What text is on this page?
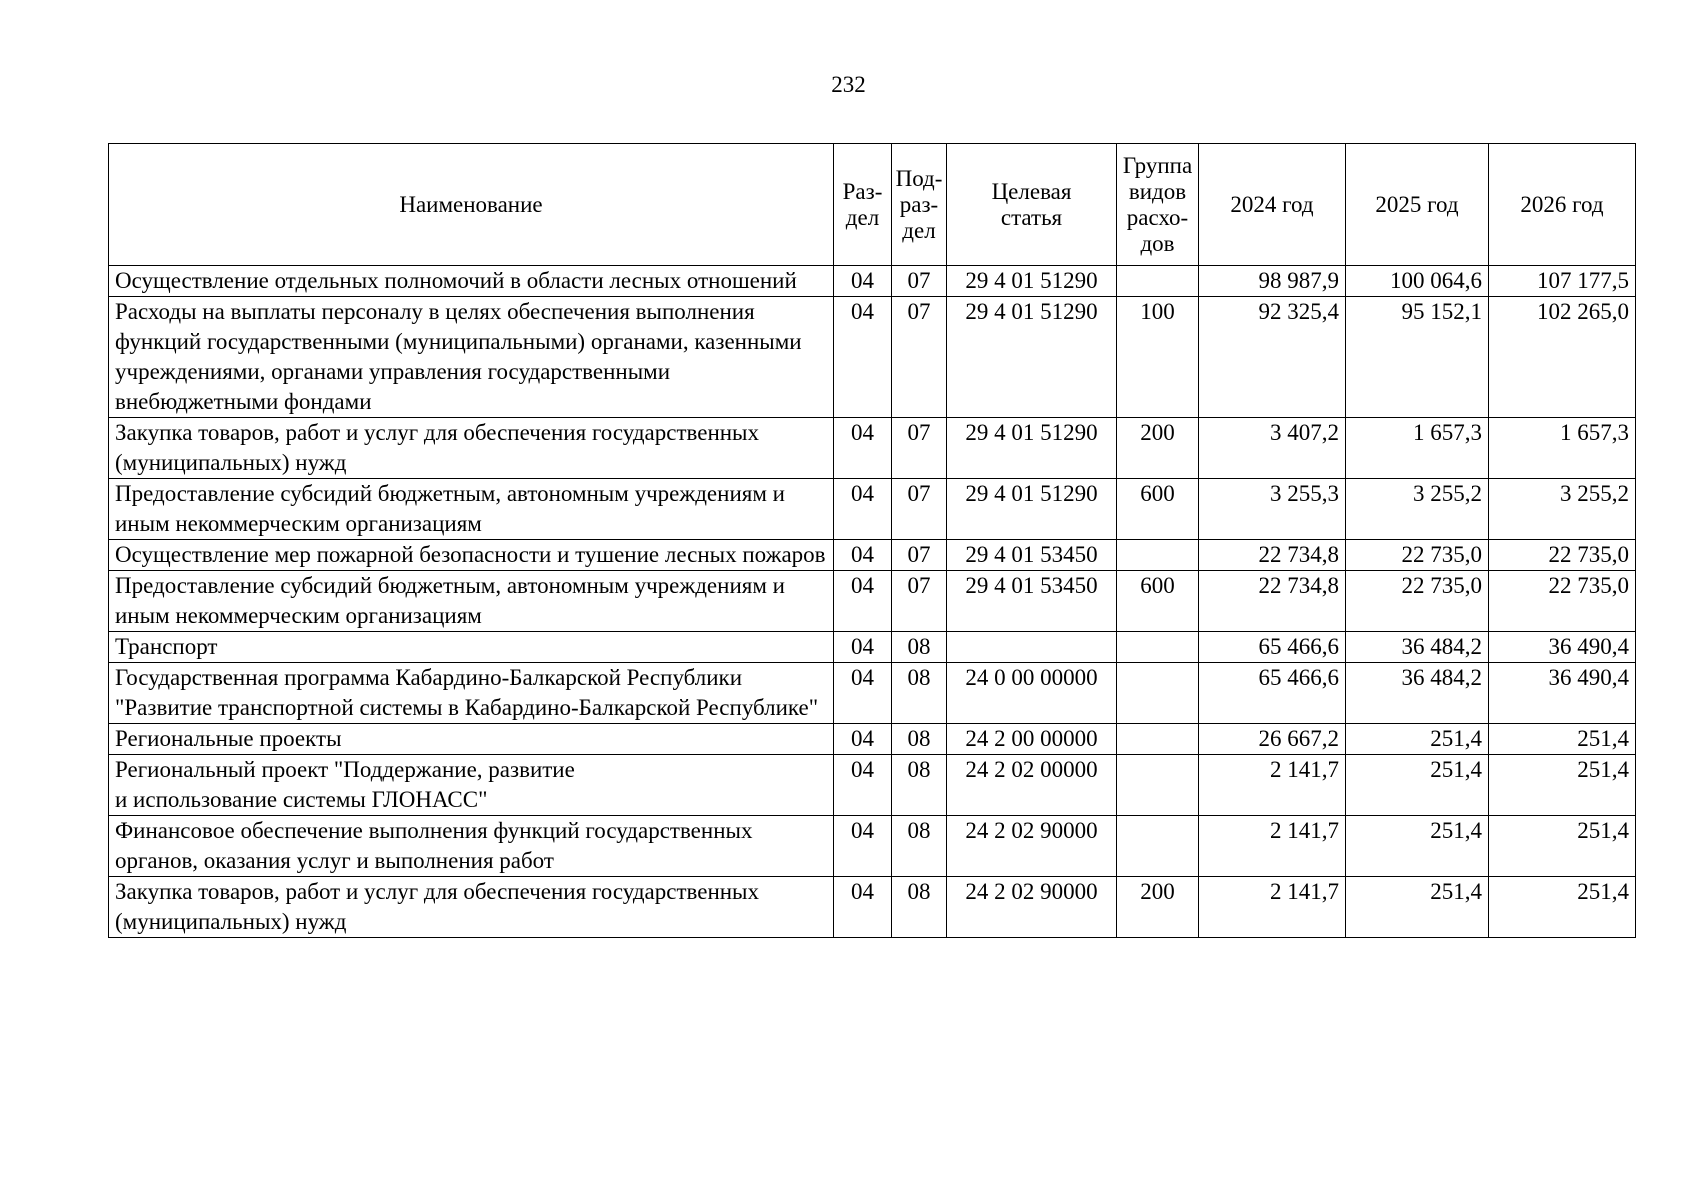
232
Наименование	Раз-
дел	Под-
раз-
дел	Целевая
статья	Группа
видов
расхо-
дов	2024 год	2025 год	2026 год
Осуществление отдельных полномочий в области лесных отношений	04	07	29 4 01 51290		98 987,9	100 064,6	107 177,5
Расходы на выплаты персоналу в целях обеспечения выполнения функций государственными (муниципальными) органами, казенными учреждениями, органами управления государственными внебюджетными фондами	04	07	29 4 01 51290	100	92 325,4	95 152,1	102 265,0
Закупка товаров, работ и услуг для обеспечения государственных (муниципальных) нужд	04	07	29 4 01 51290	200	3 407,2	1 657,3	1 657,3
Предоставление субсидий бюджетным, автономным учреждениям и иным некоммерческим организациям	04	07	29 4 01 51290	600	3 255,3	3 255,2	3 255,2
Осуществление мер пожарной безопасности и тушение лесных пожаров	04	07	29 4 01 53450		22 734,8	22 735,0	22 735,0
Предоставление субсидий бюджетным, автономным учреждениям и иным некоммерческим организациям	04	07	29 4 01 53450	600	22 734,8	22 735,0	22 735,0
Транспорт	04	08			65 466,6	36 484,2	36 490,4
Государственная программа Кабардино-Балкарской Республики "Развитие транспортной системы в Кабардино-Балкарской Республике"	04	08	24 0 00 00000		65 466,6	36 484,2	36 490,4
Региональные проекты	04	08	24 2 00 00000		26 667,2	251,4	251,4
Региональный проект "Поддержание, развитие
и использование системы ГЛОНАСС"	04	08	24 2 02 00000		2 141,7	251,4	251,4
Финансовое обеспечение выполнения функций государственных органов, оказания услуг и выполнения работ	04	08	24 2 02 90000		2 141,7	251,4	251,4
Закупка товаров, работ и услуг для обеспечения государственных (муниципальных) нужд	04	08	24 2 02 90000	200	2 141,7	251,4	251,4
